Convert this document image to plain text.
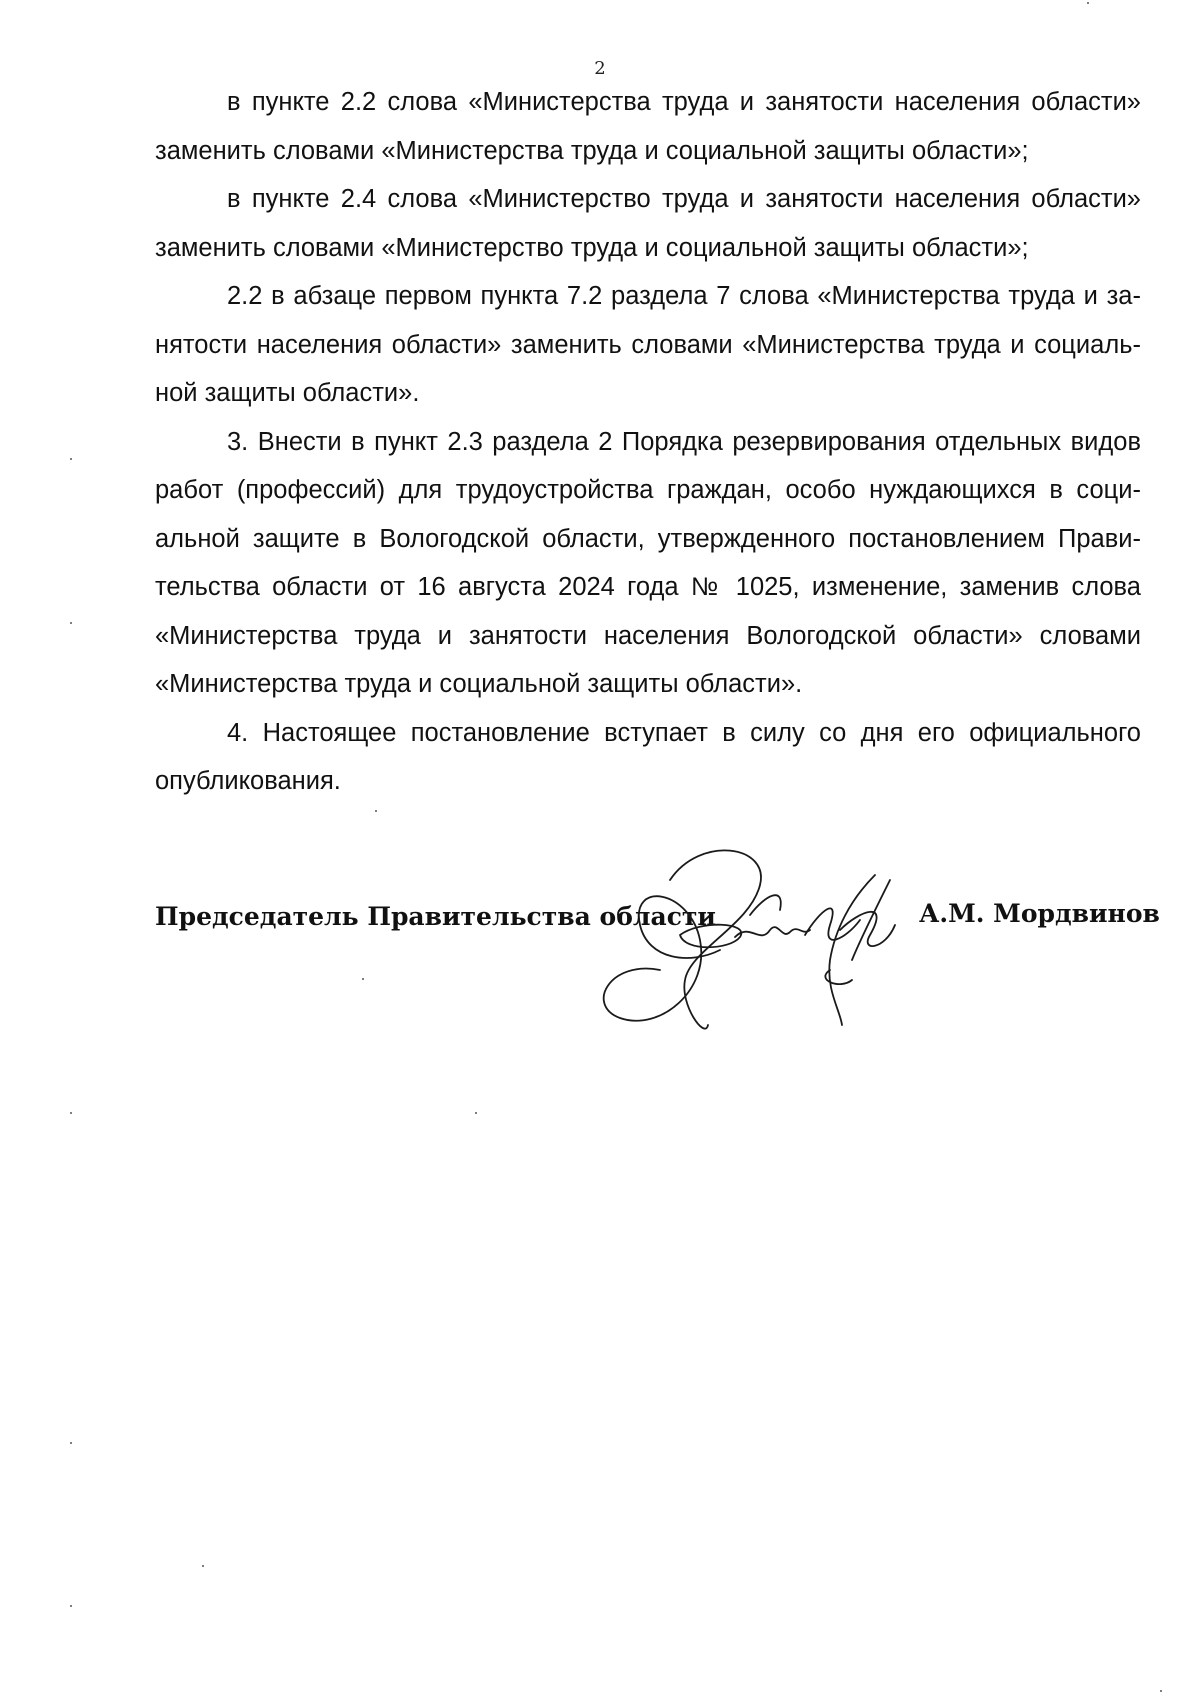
2

в пункте 2.2 слова «Министерства труда и занятости населения области» заменить словами «Министерства труда и социальной защиты области»;

в пункте 2.4 слова «Министерство труда и занятости населения области» заменить словами «Министерство труда и социальной защиты области»;

2.2 в абзаце первом пункта 7.2 раздела 7 слова «Министерства труда и занятости населения области» заменить словами «Министерства труда и социальной защиты области».

3. Внести в пункт 2.3 раздела 2 Порядка резервирования отдельных видов работ (профессий) для трудоустройства граждан, особо нуждающихся в социальной защите в Вологодской области, утвержденного постановлением Правительства области от 16 августа 2024 года № 1025, изменение, заменив слова «Министерства труда и занятости населения Вологодской области» словами «Министерства труда и социальной защиты области».

4. Настоящее постановление вступает в силу со дня его официального опубликования.

Председатель Правительства области	А.М. Мордвинов
